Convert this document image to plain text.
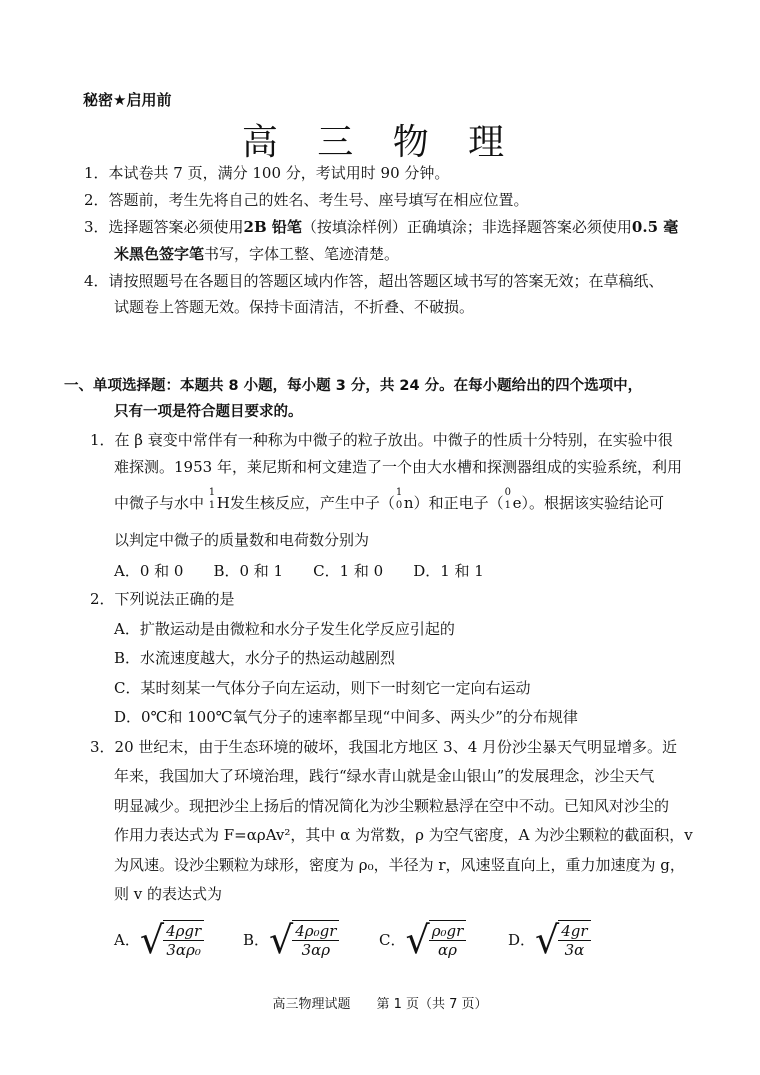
秘密★启用前
高 三 物 理
1．本试卷共 7 页，满分 100 分，考试用时 90 分钟。
2．答题前，考生先将自己的姓名、考生号、座号填写在相应位置。
3．选择题答案必须使用2B 铅笔（按填涂样例）正确填涂；非选择题答案必须使用0.5 毫
米黑色签字笔书写，字体工整、笔迹清楚。
4．请按照题号在各题目的答题区域内作答，超出答题区域书写的答案无效；在草稿纸、
试题卷上答题无效。保持卡面清洁，不折叠、不破损。
一、单项选择题：本题共 8 小题，每小题 3 分，共 24 分。在每小题给出的四个选项中，
只有一项是符合题目要求的。
1．在 β 衰变中常伴有一种称为中微子的粒子放出。中微子的性质十分特别，在实验中很
难探测。1953 年，莱尼斯和柯文建造了一个由大水槽和探测器组成的实验系统，利用
中微子与水中
1
1 H发生核反应，产生中子（
1
0 n）和正电子（
0
1 e）。根据该实验结论可
以判定中微子的质量数和电荷数分别为
A．0 和 0　　B．0 和 1　　C．1 和 0　　D．1 和 1
2．下列说法正确的是
A．扩散运动是由微粒和水分子发生化学反应引起的
B．水流速度越大，水分子的热运动越剧烈
C．某时刻某一气体分子向左运动，则下一时刻它一定向右运动
D．0℃和 100℃氧气分子的速率都呈现“中间多、两头少”的分布规律
3．20 世纪末，由于生态环境的破坏，我国北方地区 3、4 月份沙尘暴天气明显增多。近
年来，我国加大了环境治理，践行“绿水青山就是金山银山”的发展理念，沙尘天气
明显减少。现把沙尘上扬后的情况简化为沙尘颗粒悬浮在空中不动。已知风对沙尘的
作用力表达式为 F=αρAv²，其中 α 为常数，ρ 为空气密度，A 为沙尘颗粒的截面积，v
为风速。设沙尘颗粒为球形，密度为 ρ₀，半径为 r，风速竖直向上，重力加速度为 g，
则 v 的表达式为
A． √ $\frac{\text{4ρgr}}{\text{3αρ₀}}$	B． √ $\frac{\text{4ρ₀gr}}{3\alpha\rho}$	C． √ $\frac{\text{ρ₀gr}}{\alpha\rho}$	D． √ $\frac{4gr}{3\alpha}$
高三物理试题　　第 1 页（共 7 页）
